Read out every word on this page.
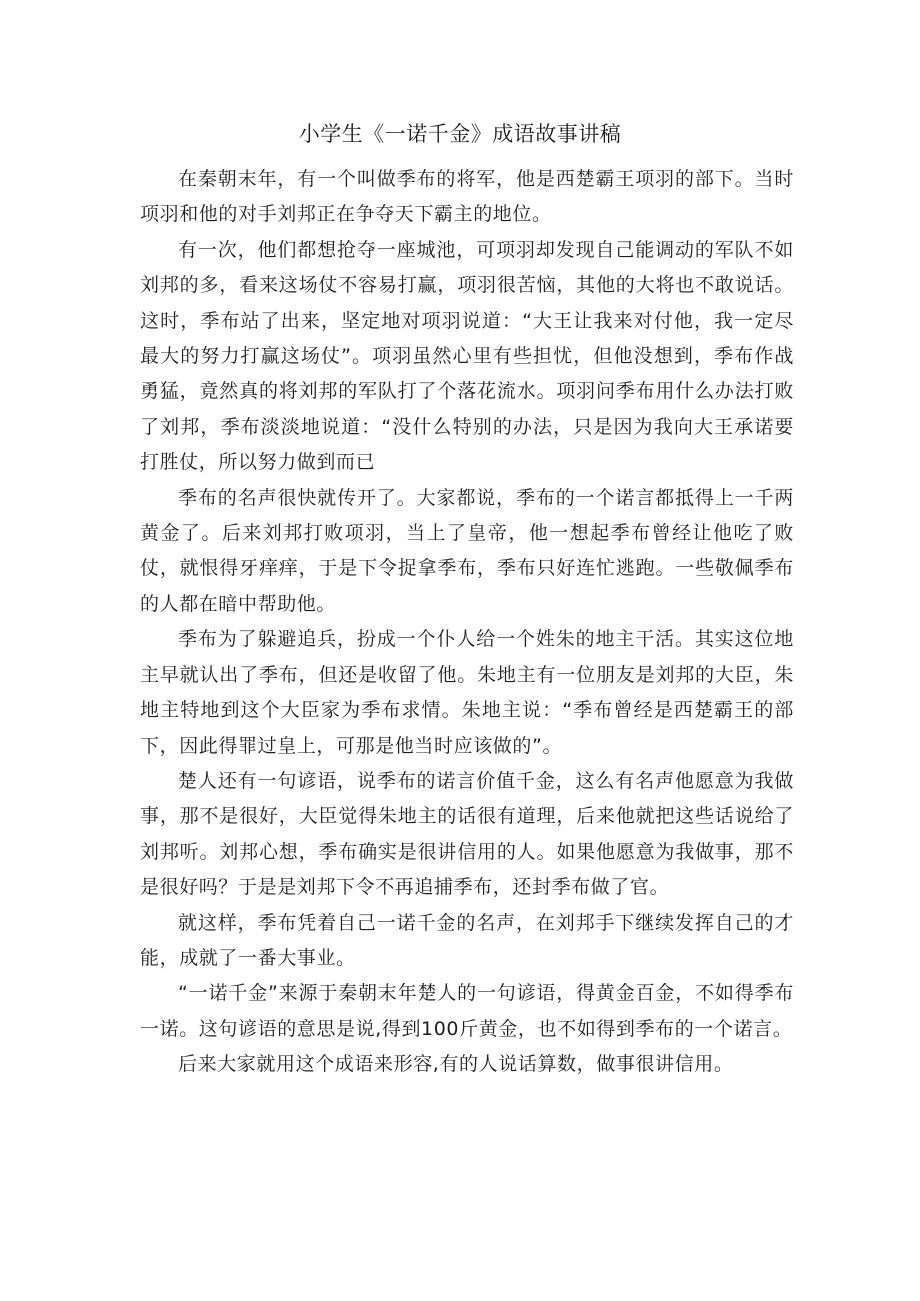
小学生《一诺千金》成语故事讲稿

在秦朝末年，有一个叫做季布的将军，他是西楚霸王项羽的部下。当时项羽和他的对手刘邦正在争夺天下霸主的地位。

有一次，他们都想抢夺一座城池，可项羽却发现自己能调动的军队不如刘邦的多，看来这场仗不容易打赢，项羽很苦恼，其他的大将也不敢说话。这时，季布站了出来，坚定地对项羽说道：“大王让我来对付他，我一定尽最大的努力打赢这场仗”。项羽虽然心里有些担忧，但他没想到，季布作战勇猛，竟然真的将刘邦的军队打了个落花流水。项羽问季布用什么办法打败了刘邦，季布淡淡地说道：“没什么特别的办法，只是因为我向大王承诺要打胜仗，所以努力做到而已

季布的名声很快就传开了。大家都说，季布的一个诺言都抵得上一千两黄金了。后来刘邦打败项羽，当上了皇帝，他一想起季布曾经让他吃了败仗，就恨得牙痒痒，于是下令捉拿季布，季布只好连忙逃跑。一些敬佩季布的人都在暗中帮助他。

季布为了躲避追兵，扮成一个仆人给一个姓朱的地主干活。其实这位地主早就认出了季布，但还是收留了他。朱地主有一位朋友是刘邦的大臣，朱地主特地到这个大臣家为季布求情。朱地主说：“季布曾经是西楚霸王的部下，因此得罪过皇上，可那是他当时应该做的”。

楚人还有一句谚语，说季布的诺言价值千金，这么有名声他愿意为我做事，那不是很好，大臣觉得朱地主的话很有道理，后来他就把这些话说给了刘邦听。刘邦心想，季布确实是很讲信用的人。如果他愿意为我做事，那不是很好吗？于是是刘邦下令不再追捕季布，还封季布做了官。

就这样，季布凭着自己一诺千金的名声，在刘邦手下继续发挥自己的才能，成就了一番大事业。

“一诺千金”来源于秦朝末年楚人的一句谚语，得黄金百金，不如得季布一诺。这句谚语的意思是说,得到100斤黄金，也不如得到季布的一个诺言。

后来大家就用这个成语来形容,有的人说话算数，做事很讲信用。
